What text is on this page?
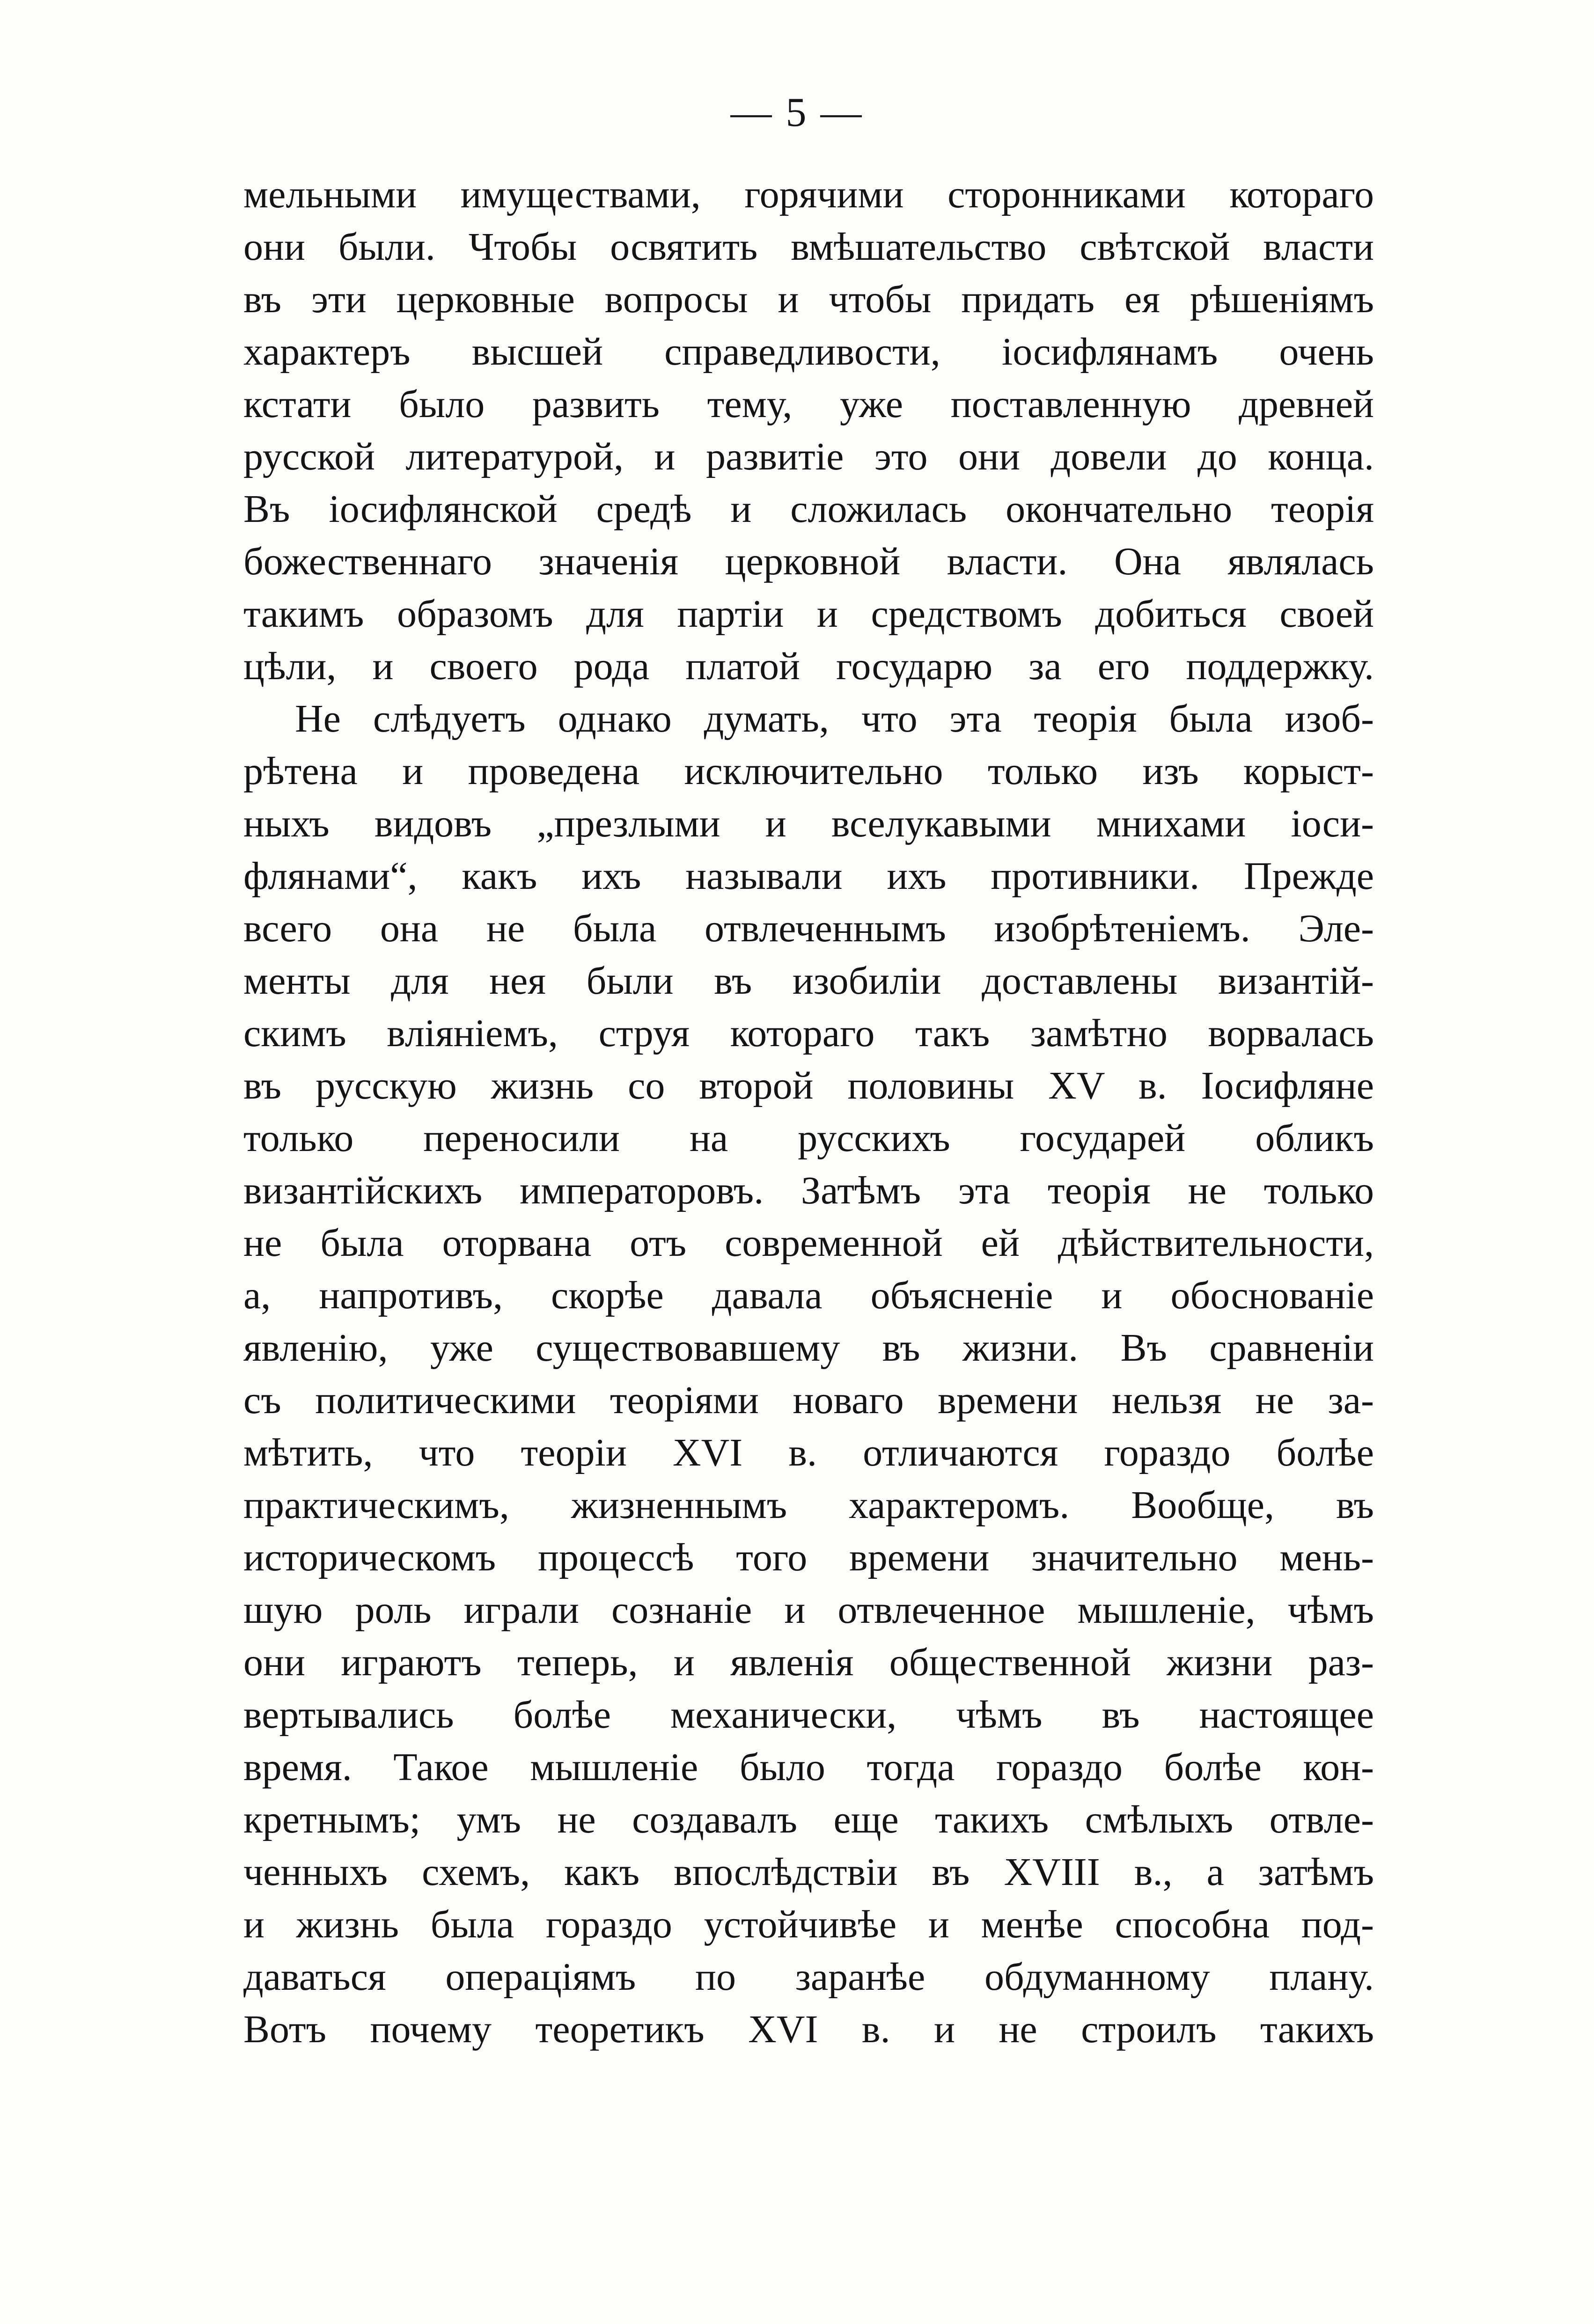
— 5 —
мельными имуществами, горячими сторонниками котораго
они были. Чтобы освятить вмѣшательство свѣтской власти
въ эти церковные вопросы и чтобы придать ея рѣшеніямъ
характеръ высшей справедливости, іосифлянамъ очень
кстати было развить тему, уже поставленную древней
русской литературой, и развитіе это они довели до конца.
Въ іосифлянской средѣ и сложилась окончательно теорія
божественнаго значенія церковной власти. Она являлась
такимъ образомъ для партіи и средствомъ добиться своей
цѣли, и своего рода платой государю за его поддержку.
Не слѣдуетъ однако думать, что эта теорія была изоб-
рѣтена и проведена исключительно только изъ корыст-
ныхъ видовъ „презлыми и вселукавыми мнихами іоси-
флянами“, какъ ихъ называли ихъ противники. Прежде
всего она не была отвлеченнымъ изобрѣтеніемъ. Эле-
менты для нея были въ изобиліи доставлены византій-
скимъ вліяніемъ, струя котораго такъ замѣтно ворвалась
въ русскую жизнь со второй половины XV в. Іосифляне
только переносили на русскихъ государей обликъ
византійскихъ императоровъ. Затѣмъ эта теорія не только
не была оторвана отъ современной ей дѣйствительности,
а, напротивъ, скорѣе давала объясненіе и обоснованіе
явленію, уже существовавшему въ жизни. Въ сравненіи
съ политическими теоріями новаго времени нельзя не за-
мѣтить, что теоріи XVI в. отличаются гораздо болѣе
практическимъ, жизненнымъ характеромъ. Вообще, въ
историческомъ процессѣ того времени значительно мень-
шую роль играли сознаніе и отвлеченное мышленіе, чѣмъ
они играютъ теперь, и явленія общественной жизни раз-
вертывались болѣе механически, чѣмъ въ настоящее
время. Такое мышленіе было тогда гораздо болѣе кон-
кретнымъ; умъ не создавалъ еще такихъ смѣлыхъ отвле-
ченныхъ схемъ, какъ впослѣдствіи въ XVIII в., а затѣмъ
и жизнь была гораздо устойчивѣе и менѣе способна под-
даваться операціямъ по заранѣе обдуманному плану.
Вотъ почему теоретикъ XVI в. и не строилъ такихъ
